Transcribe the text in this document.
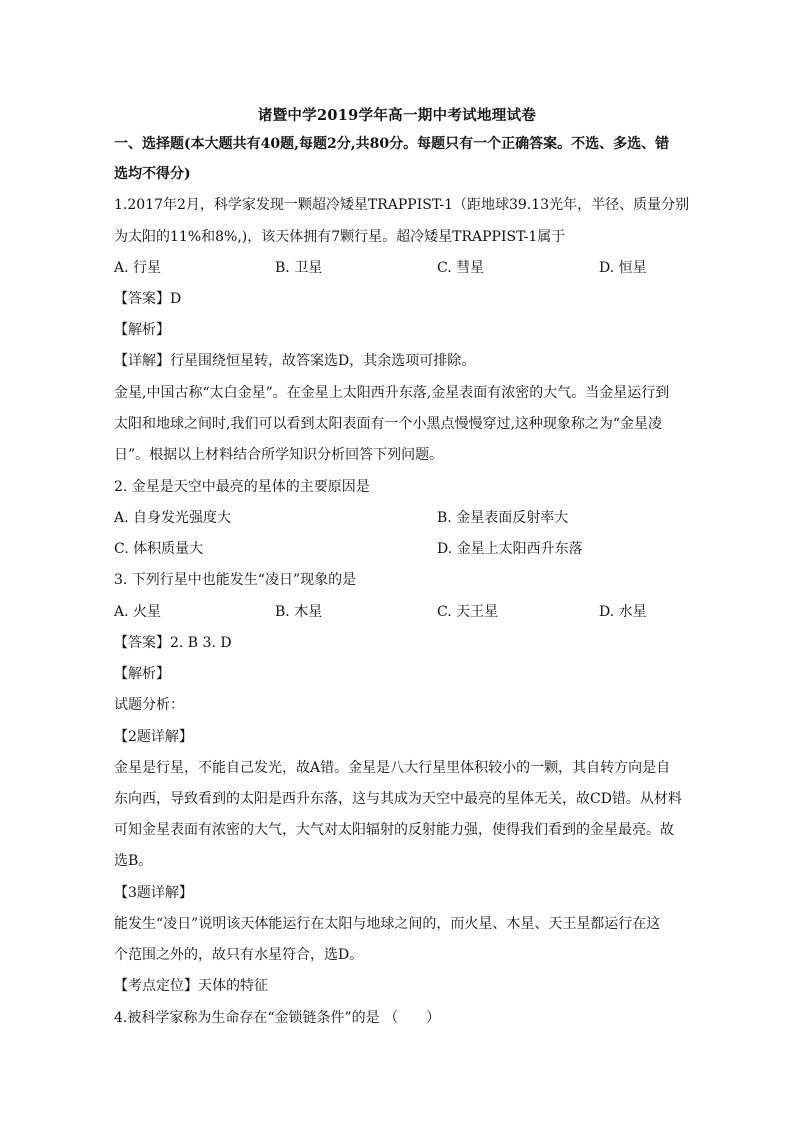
诸暨中学2019学年高一期中考试地理试卷
一、选择题(本大题共有40题,每题2分,共80分。每题只有一个正确答案。不选、多选、错
选均不得分)
1.2017年2月，科学家发现一颗超冷矮星TRAPPIST-1（距地球39.13光年，半径、质量分别
为太阳的11%和8%,)，该天体拥有7颗行星。超冷矮星TRAPPIST-1属于
A. 行星	B. 卫星	C. 彗星	D. 恒星
【答案】D
【解析】
【详解】行星围绕恒星转，故答案选D，其余选项可排除。
金星,中国古称“太白金星”。在金星上太阳西升东落,金星表面有浓密的大气。当金星运行到
太阳和地球之间时,我们可以看到太阳表面有一个小黑点慢慢穿过,这种现象称之为“金星凌
日”。根据以上材料结合所学知识分析回答下列问题。
2. 金星是天空中最亮的星体的主要原因是
A. 自身发光强度大	B. 金星表面反射率大
C. 体积质量大	D. 金星上太阳西升东落
3. 下列行星中也能发生“凌日”现象的是
A. 火星	B. 木星	C. 天王星	D. 水星
【答案】2. B 3. D
【解析】
试题分析：
【2题详解】
金星是行星，不能自己发光，故A错。金星是八大行星里体积较小的一颗，其自转方向是自
东向西，导致看到的太阳是西升东落，这与其成为天空中最亮的星体无关，故CD错。从材料
可知金星表面有浓密的大气，大气对太阳辐射的反射能力强，使得我们看到的金星最亮。故
选B。
【3题详解】
能发生“凌日”说明该天体能运行在太阳与地球之间的，而火星、木星、天王星都运行在这
个范围之外的，故只有水星符合，选D。
【考点定位】天体的特征
4.被科学家称为生命存在“金锁链条件”的是 （　　）
